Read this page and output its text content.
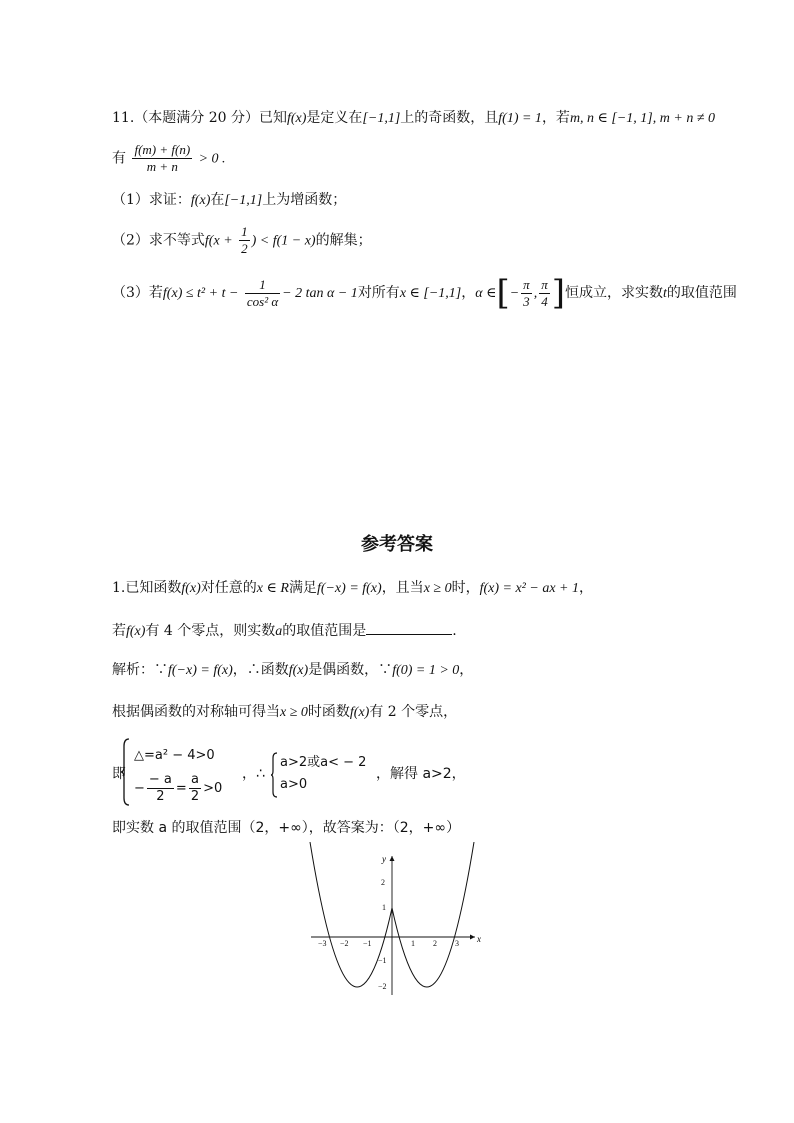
11.（本题满分 20 分）已知f(x)是定义在[−1,1]上的奇函数，且f(1) = 1，若m, n ∈ [−1, 1], m + n ≠ 0
有 $\frac{f(m) + f(n)}{m + n} > 0$ .
（1）求证：f(x)在[−1,1]上为增函数；
（2）求不等式$f(x + \frac{1}{2}$ ) < f(1 − x)的解集；
（3）若$f(x) \le t^2 + t - \frac{1}{\text{cos² α}} - 2$ tan α − 1对所有x ∈ [−1,1]，α ∈[− $\frac{\pi}{3}$ , $\frac{\pi}{4}$ ]恒成立，求实数t的取值范围
参考答案
1.已知函数f(x)对任意的x ∈ R满足f(−x) = f(x)，且当x ≥ 0时，f(x) = x² − ax + 1，
若f(x)有 4 个零点，则实数a的取值范围是	.
解析：∵f(−x) = f(x)，∴函数f(x)是偶函数，∵f(0) = 1 > 0，
根据偶函数的对称轴可得当x ≥ 0时函数f(x)有 2 个零点，
即
△=a² − 4>0
− $\frac{- a}{2} = \frac{a}{2} >0$
，∴
a>2或a< − 2
a>0
，解得 a>2，
即实数 a 的取值范围（2，+∞），故答案为：（2，+∞）
x
y
−3 −2 −1	1 2 3
2
1
−1
−2
